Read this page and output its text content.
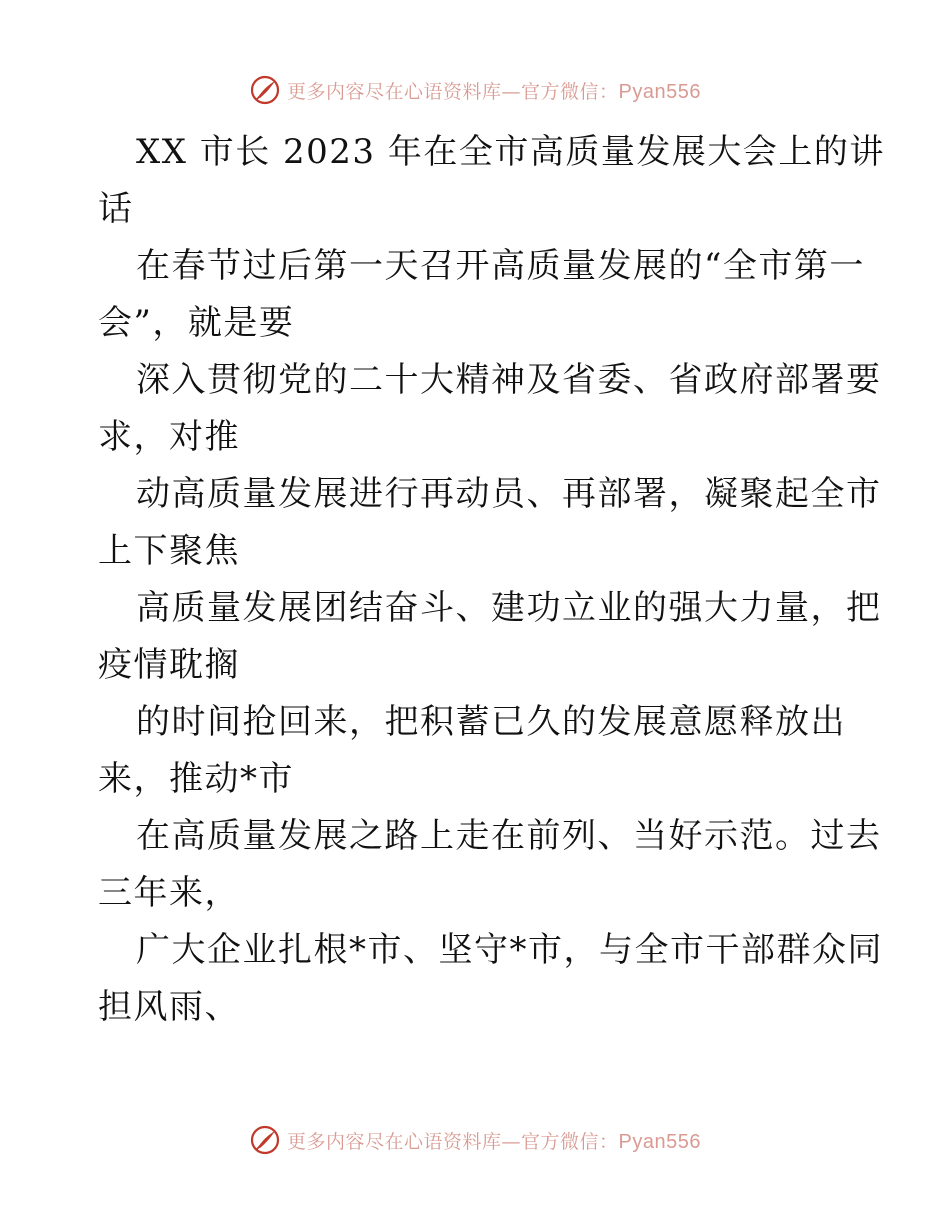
更多内容尽在心语资料库—官方微信：Pyan556
XX 市长 2023 年在全市高质量发展大会上的讲
话
在春节过后第一天召开高质量发展的“全市第一
会”，就是要
深入贯彻党的二十大精神及省委、省政府部署要
求，对推
动高质量发展进行再动员、再部署，凝聚起全市
上下聚焦
高质量发展团结奋斗、建功立业的强大力量，把
疫情耽搁
的时间抢回来，把积蓄已久的发展意愿释放出
来，推动*市
在高质量发展之路上走在前列、当好示范。过去
三年来，
广大企业扎根*市、坚守*市，与全市干部群众同
担风雨、
更多内容尽在心语资料库—官方微信：Pyan556
